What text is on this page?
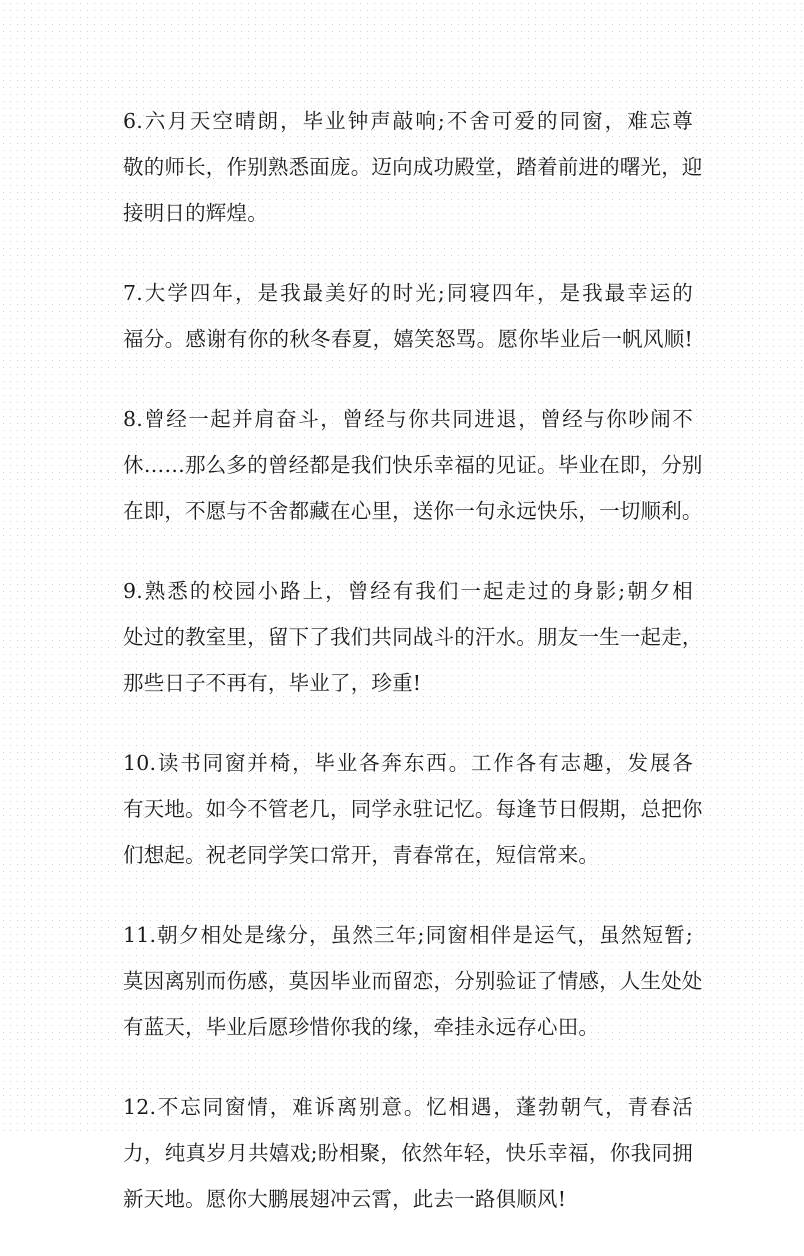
6.六月天空晴朗，毕业钟声敲响;不舍可爱的同窗，难忘尊
敬的师长，作别熟悉面庞。迈向成功殿堂，踏着前进的曙光，迎
接明日的辉煌。
7.大学四年，是我最美好的时光;同寝四年，是我最幸运的
福分。感谢有你的秋冬春夏，嬉笑怒骂。愿你毕业后一帆风顺!
8.曾经一起并肩奋斗，曾经与你共同进退，曾经与你吵闹不
休……那么多的曾经都是我们快乐幸福的见证。毕业在即，分别
在即，不愿与不舍都藏在心里，送你一句永远快乐，一切顺利。
9.熟悉的校园小路上，曾经有我们一起走过的身影;朝夕相
处过的教室里，留下了我们共同战斗的汗水。朋友一生一起走，
那些日子不再有，毕业了，珍重!
10.读书同窗并椅，毕业各奔东西。工作各有志趣，发展各
有天地。如今不管老几，同学永驻记忆。每逢节日假期，总把你
们想起。祝老同学笑口常开，青春常在，短信常来。
11.朝夕相处是缘分，虽然三年;同窗相伴是运气，虽然短暂;
莫因离别而伤感，莫因毕业而留恋，分别验证了情感，人生处处
有蓝天，毕业后愿珍惜你我的缘，牵挂永远存心田。
12.不忘同窗情，难诉离别意。忆相遇，蓬勃朝气，青春活
力，纯真岁月共嬉戏;盼相聚，依然年轻，快乐幸福，你我同拥
新天地。愿你大鹏展翅冲云霄，此去一路俱顺风!
